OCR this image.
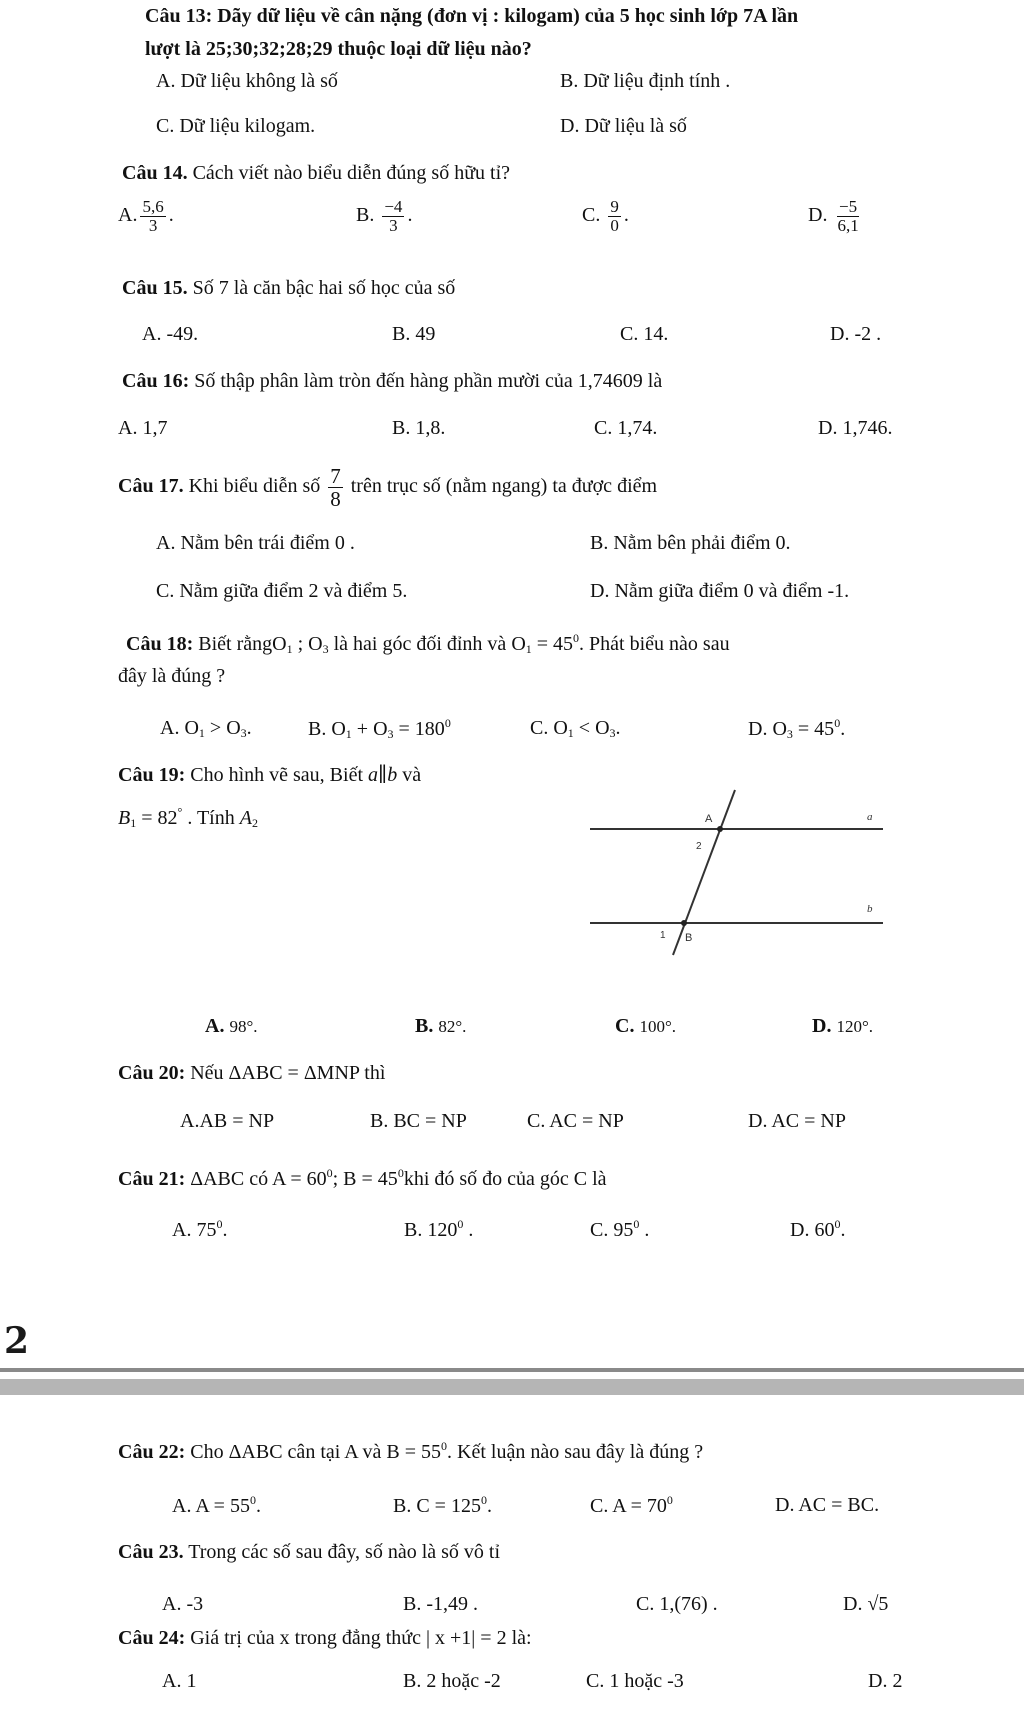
Câu 13: Dãy dữ liệu về cân nặng (đơn vị : kilogam) của 5 học sinh lớp 7A lần
lượt là 25;30;32;28;29 thuộc loại dữ liệu nào?
A. Dữ liệu không là số	B. Dữ liệu định tính .
C. Dữ liệu kilogam.	D. Dữ liệu là số
Câu 14. Cách viết nào biểu diễn đúng số hữu tỉ?
A. $\frac{5,6}{3}$ .	B. $\frac{-4}{3}$ .	C. $\frac{9}{0}$ .	D. $\frac{-5}{6,1}$
Câu 15. Số 7 là căn bậc hai số học của số
A. -49.	B. 49	C. 14.	D. -2 .
Câu 16: Số thập phân làm tròn đến hàng phần mười của 1,74609 là
A. 1,7	B. 1,8.	C. 1,74.	D. 1,746.
Câu 17. Khi biểu diễn số $\frac{7}{8}$ trên trục số (nằm ngang) ta được điểm
A. Nằm bên trái điểm 0 .	B. Nằm bên phải điểm 0.
C. Nằm giữa điểm 2 và điểm 5.	D. Nằm giữa điểm 0 và điểm -1.
Câu 18: Biết rằngO$_1$ ; $O_3$ là hai góc đối đỉnh và $O_1 = 45^0$. Phát biểu nào sau
đây là đúng ?
A. $O_1 > O_3$.	B. $O_1 + O_3 = 180^0$	C. $O_1 < O_3$.	D. $O_3 = 45^0$.
Câu 19: Cho hình vẽ sau, Biết a∥b và
$B_1 = 82^\circ$ . Tính $A_2$	A	a
2
b
1 B
A. 98°.	B. 82°.	C. 100°.	D. 120°.
Câu 20: Nếu ΔABC = ΔMNP thì
A.AB = NP	B. BC = NP	C. AC = NP	D. AC = NP
Câu 21: ΔABC có $A = 60^0$; $B = 45^0khi$ đó số đo của góc C là
A. $75^0$.	B. $120^0$ .	C. $95^0$ .	D. $60^0$.
2
Câu 22: Cho ΔABC cân tại A và $B = 55^0$. Kết luận nào sau đây là đúng ?
A. $A = 55^0$.	B. $C = 125^0$.	C. $A = 70^0$	D. AC = BC.
Câu 23. Trong các số sau đây, số nào là số vô tỉ
A. -3	B. -1,49 .	C. 1,(76) .	D. √5
Câu 24: Giá trị của x trong đẳng thức | x +1| = 2 là:
A. 1	B. 2 hoặc -2	C. 1 hoặc -3	D. 2
